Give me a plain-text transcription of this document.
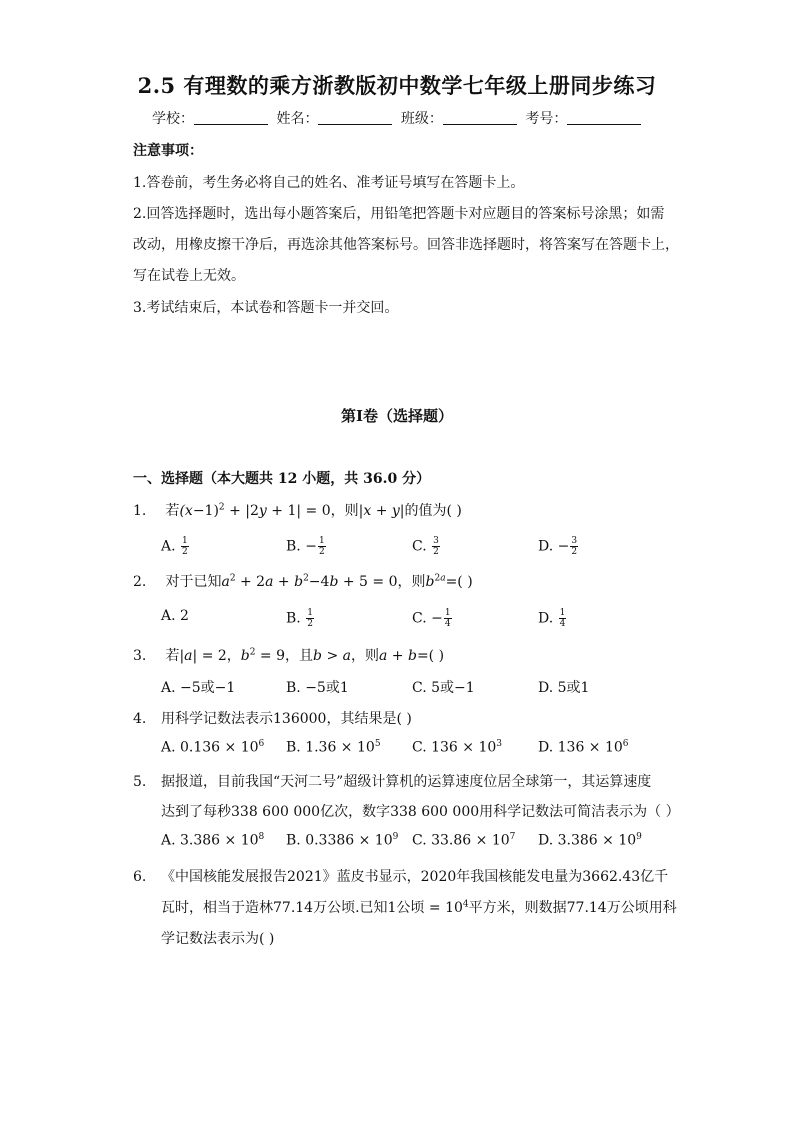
2.5 有理数的乘方浙教版初中数学七年级上册同步练习
学校：	姓名：	班级：	考号：
注意事项：
1.答卷前，考生务必将自己的姓名、准考证号填写在答题卡上。
2.回答选择题时，选出每小题答案后，用铅笔把答题卡对应题目的答案标号涂黑；如需
改动，用橡皮擦干净后，再选涂其他答案标号。回答非选择题时，将答案写在答题卡上，
写在试卷上无效。
3.考试结束后，本试卷和答题卡一并交回。
第I卷（选择题）
一、选择题（本大题共 12 小题，共 36.0 分）
1. 若$(x-1)^2 + |2y + 1| = 0$，则|x + y|的值为( )
A. $\frac{1}{2}$	B. − $\frac{1}{2}$	C. $\frac{3}{2}$	D. − $\frac{3}{2}$
2. 对于已知$a^2 + 2a + b^2-4b + 5 = 0$，则$b^{2a}=$( )
A. 2	B. $\frac{1}{2}$	C. − $\frac{1}{4}$	D. $\frac{1}{4}$
3. 若|a| = 2，$b^2 = 9$，且b > a，则a + b=( )
A. −5或−1	B. −5或1	C. 5或−1	D. 5或1
4. 用科学记数法表示136000，其结果是( )
A. $0.136 \times 10^6$ B. $1.36 \times 10^5$ C. $136 \times 10^3$	D. $136 \times 10^6$
5. 据报道，目前我国“天河二号”超级计算机的运算速度位居全球第一，其运算速度
达到了每秒338 600 000亿次，数字338 600 000用科学记数法可简洁表示为（ ）
A. $3.386 \times 10^8$ B. $0.3386 \times 10^9$ C. $33.86 \times 10^7$ D. $3.386 \times 10^9$
6. 《中国核能发展报告2021》蓝皮书显示，2020年我国核能发电量为3662.43亿千
瓦时，相当于造林77.14万公顷.已知1公顷 = $10^4$平方米，则数据77.14万公顷用科
学记数法表示为( )
